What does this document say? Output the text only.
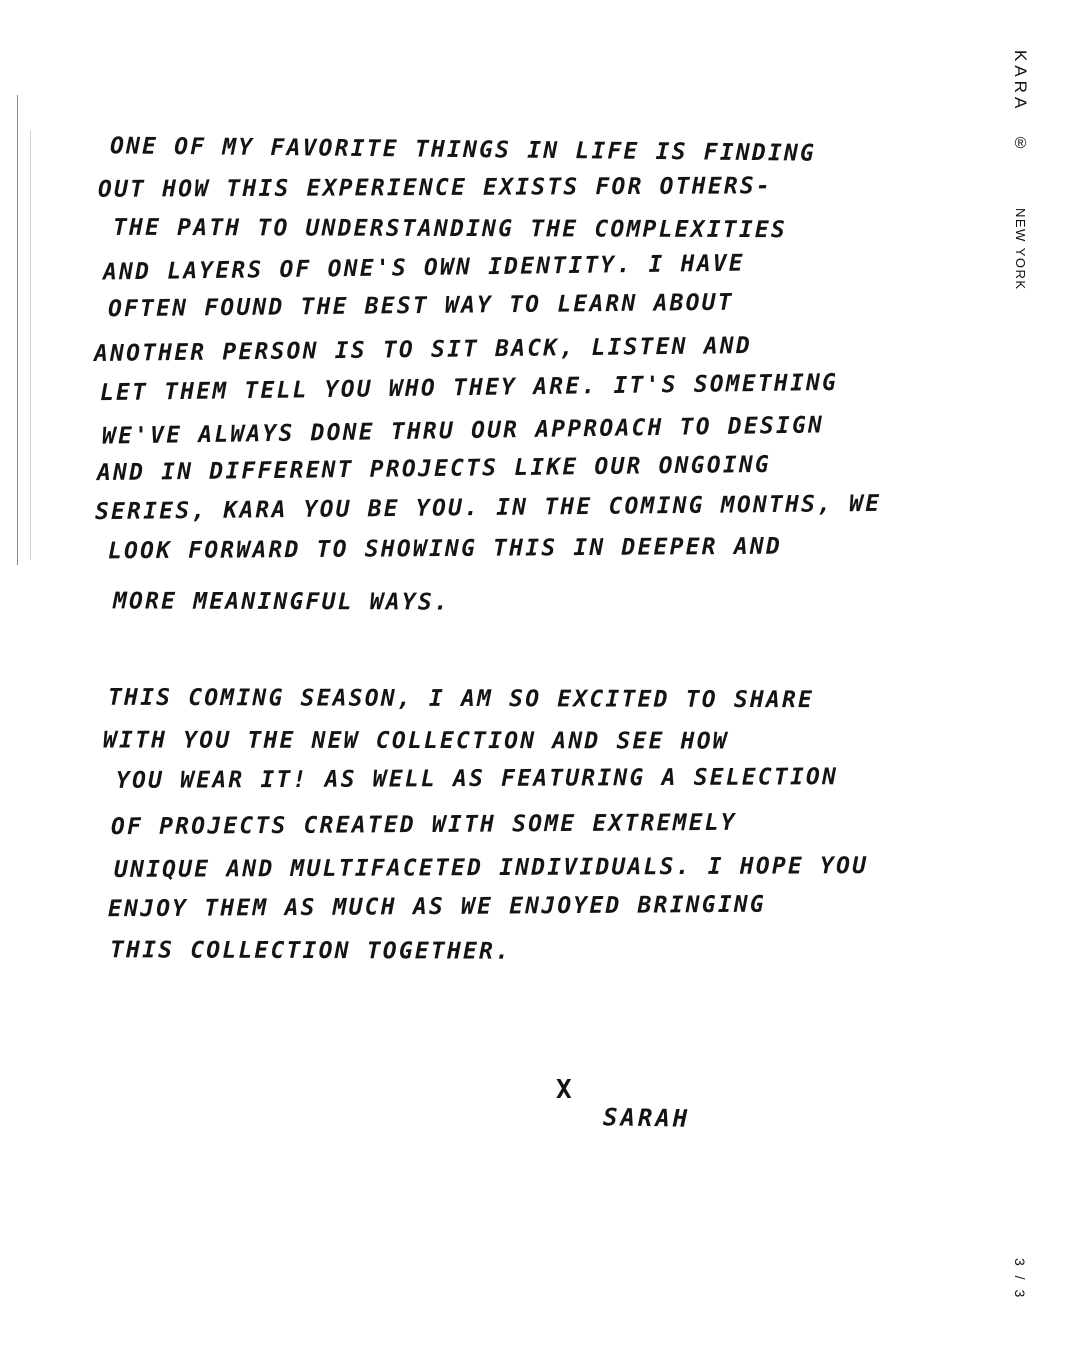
KARA ®
NEW YORK
3 / 3
ONE OF MY FAVORITE THINGS IN LIFE IS FINDING
OUT HOW THIS EXPERIENCE EXISTS FOR OTHERS-
THE PATH TO UNDERSTANDING THE COMPLEXITIES
AND LAYERS OF ONE'S OWN IDENTITY. I HAVE
OFTEN FOUND THE BEST WAY TO LEARN ABOUT
ANOTHER PERSON IS TO SIT BACK, LISTEN AND
LET THEM TELL YOU WHO THEY ARE. IT'S SOMETHING
WE'VE ALWAYS DONE THRU OUR APPROACH TO DESIGN
AND IN DIFFERENT PROJECTS LIKE OUR ONGOING
SERIES, KARA YOU BE YOU. IN THE COMING MONTHS, WE
LOOK FORWARD TO SHOWING THIS IN DEEPER AND
MORE MEANINGFUL WAYS.
THIS COMING SEASON, I AM SO EXCITED TO SHARE
WITH YOU THE NEW COLLECTION AND SEE HOW
YOU WEAR IT! AS WELL AS FEATURING A SELECTION
OF PROJECTS CREATED WITH SOME EXTREMELY
UNIQUE AND MULTIFACETED INDIVIDUALS. I HOPE YOU
ENJOY THEM AS MUCH AS WE ENJOYED BRINGING
THIS COLLECTION TOGETHER.
X
SARAH
